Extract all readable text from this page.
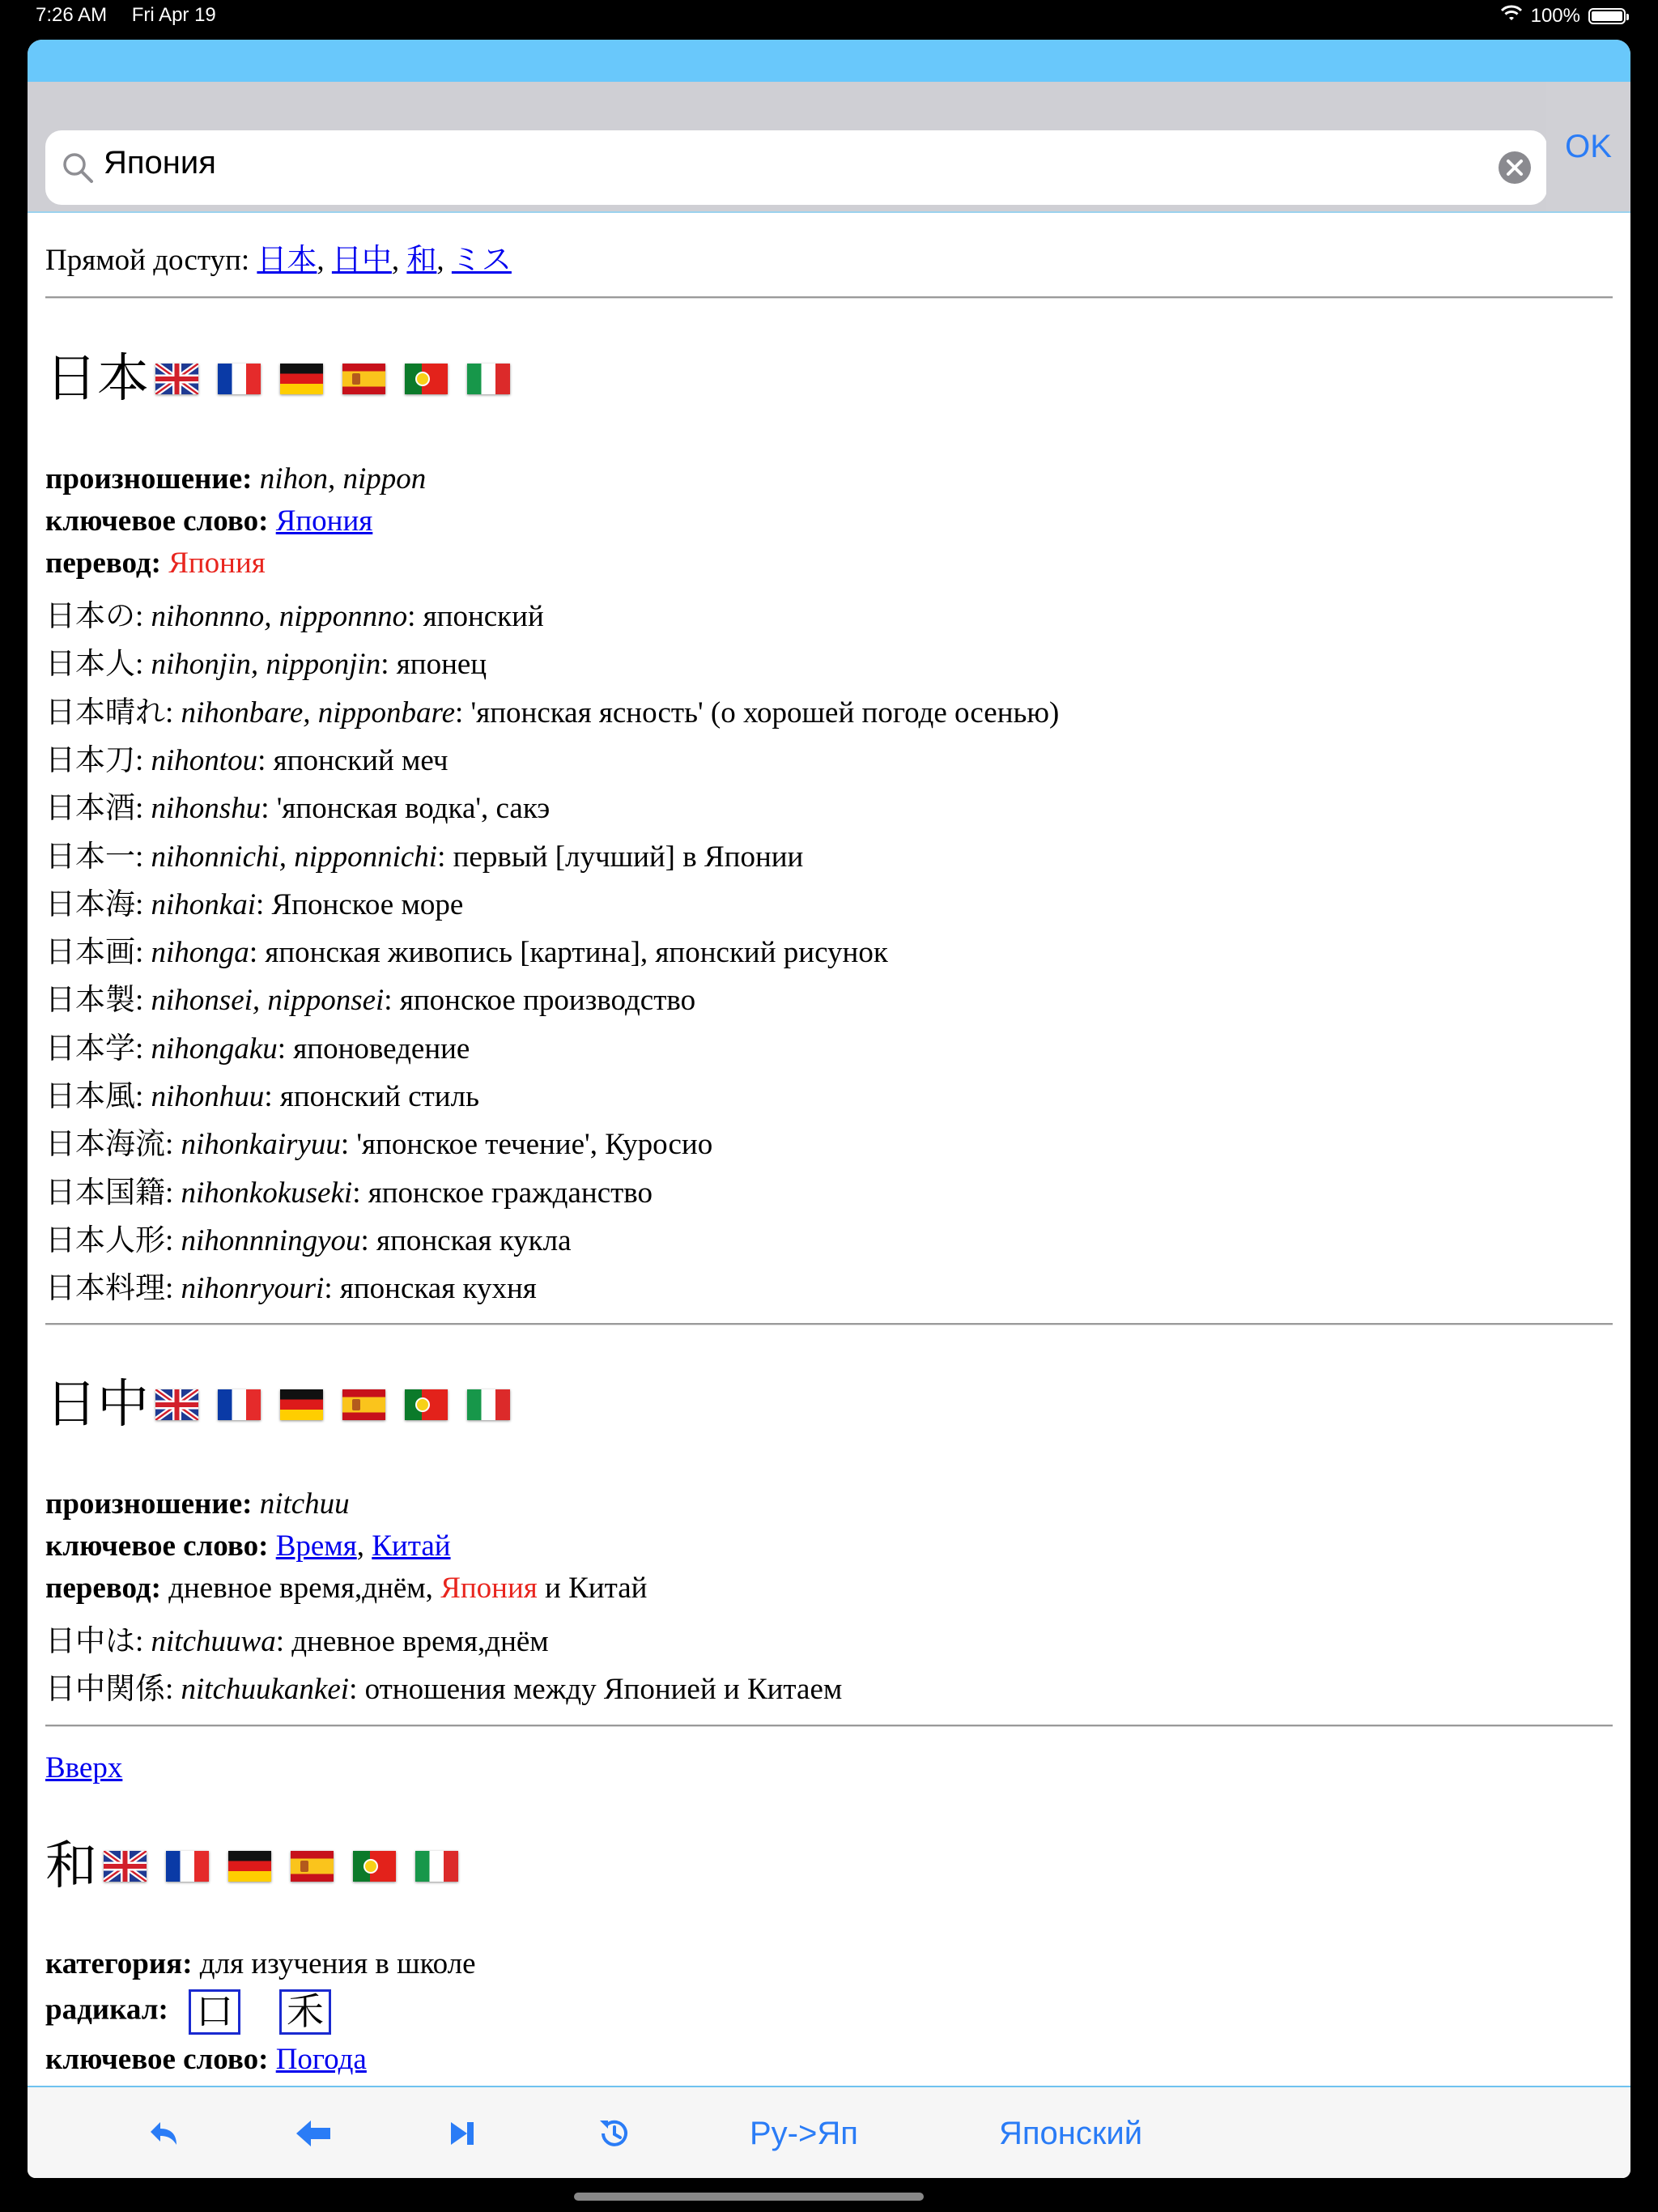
7:26 AM Fri Apr 19	100%
Япония	OK
Прямой доступ: 日本, 日中, 和, ミス
日本
произношение: nihon, nippon
ключевое слово: Япония
перевод: Япония
日本の: nihonnno, nipponnno: японский
日本人: nihonjin, nipponjin: японец
日本晴れ: nihonbare, nipponbare: 'японская ясность' (о хорошей погоде осенью)
日本刀: nihontou: японский меч
日本酒: nihonshu: 'японская водка', сакэ
日本一: nihonnichi, nipponnichi: первый [лучший] в Японии
日本海: nihonkai: Японское море
日本画: nihonga: японская живопись [картина], японский рисунок
日本製: nihonsei, nipponsei: японское производство
日本学: nihongaku: японоведение
日本風: nihonhuu: японский стиль
日本海流: nihonkairyuu: 'японское течение', Куросио
日本国籍: nihonkokuseki: японское гражданство
日本人形: nihonnningyou: японская кукла
日本料理: nihonryouri: японская кухня
日中
произношение: nitchuu
ключевое слово: Время, Китай
перевод: дневное время,днём, Япония и Китай
日中は: nitchuuwa: дневное время,днём
日中関係: nitchuukankei: отношения между Японией и Китаем
Вверх
和
категория: для изучения в школе
радикал: 口 禾
ключевое слово: Погода
Ру->Яп	Японский
